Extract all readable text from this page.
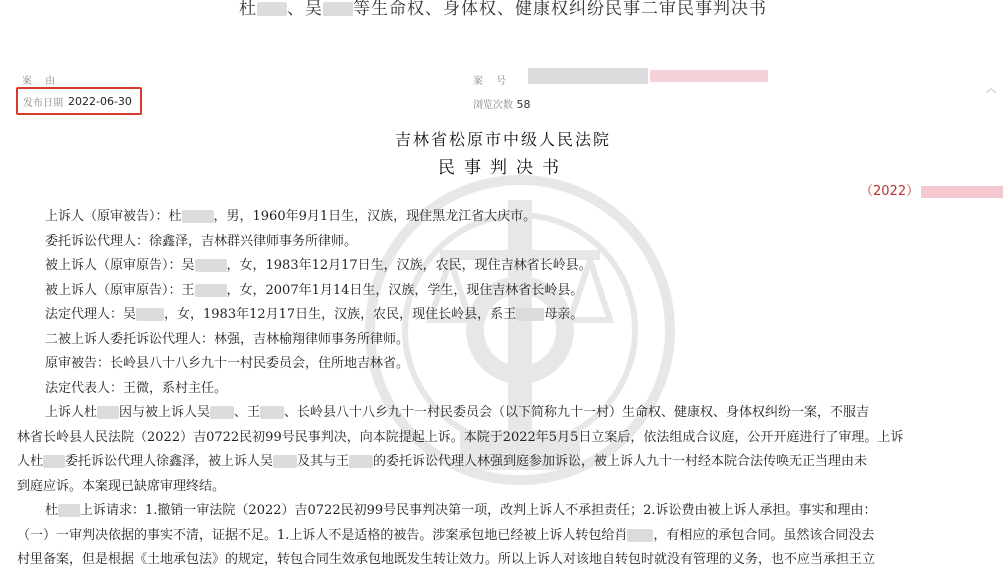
杜 、吴 等生命权、身体权、健康权纠纷民事二审民事判决书
案 由	案 号
发布日期 2022-06-30	浏览次数 58
︿
吉林省松原市中级人民法院
民事判决书
（2022）
上诉人（原审被告）：杜 ，男，1960年9月1日生，汉族，现住黑龙江省大庆市。
委托诉讼代理人：徐鑫泽，吉林群兴律师事务所律师。
被上诉人（原审原告）：吴 ，女，1983年12月17日生，汉族，农民，现住吉林省长岭县。
被上诉人（原审原告）：王 ，女，2007年1月14日生，汉族，学生，现住吉林省长岭县。
法定代理人：吴 ，女，1983年12月17日生，汉族，农民，现住长岭县，系王 母亲。
二被上诉人委托诉讼代理人：林强，吉林榆翔律师事务所律师。
原审被告：长岭县八十八乡九十一村民委员会，住所地吉林省。
法定代表人：王微，系村主任。
上诉人杜 因与被上诉人吴 、王 、长岭县八十八乡九十一村民委员会（以下简称九十一村）生命权、健康权、身体权纠纷一案，不服吉
林省长岭县人民法院（2022）吉0722民初99号民事判决，向本院提起上诉。本院于2022年5月5日立案后，依法组成合议庭，公开开庭进行了审理。上诉
人杜 委托诉讼代理人徐鑫泽，被上诉人吴 及其与王 的委托诉讼代理人林强到庭参加诉讼，被上诉人九十一村经本院合法传唤无正当理由未
到庭应诉。本案现已缺席审理终结。
杜 上诉请求：1.撤销一审法院（2022）吉0722民初99号民事判决第一项，改判上诉人不承担责任；2.诉讼费由被上诉人承担。事实和理由：
（一）一审判决依据的事实不清，证据不足。1.上诉人不是适格的被告。涉案承包地已经被上诉人转包给肖 ，有相应的承包合同。虽然该合同没去
村里备案，但是根据《土地承包法》的规定，转包合同生效承包地既发生转让效力。所以上诉人对该地自转包时就没有管理的义务，也不应当承担王立
